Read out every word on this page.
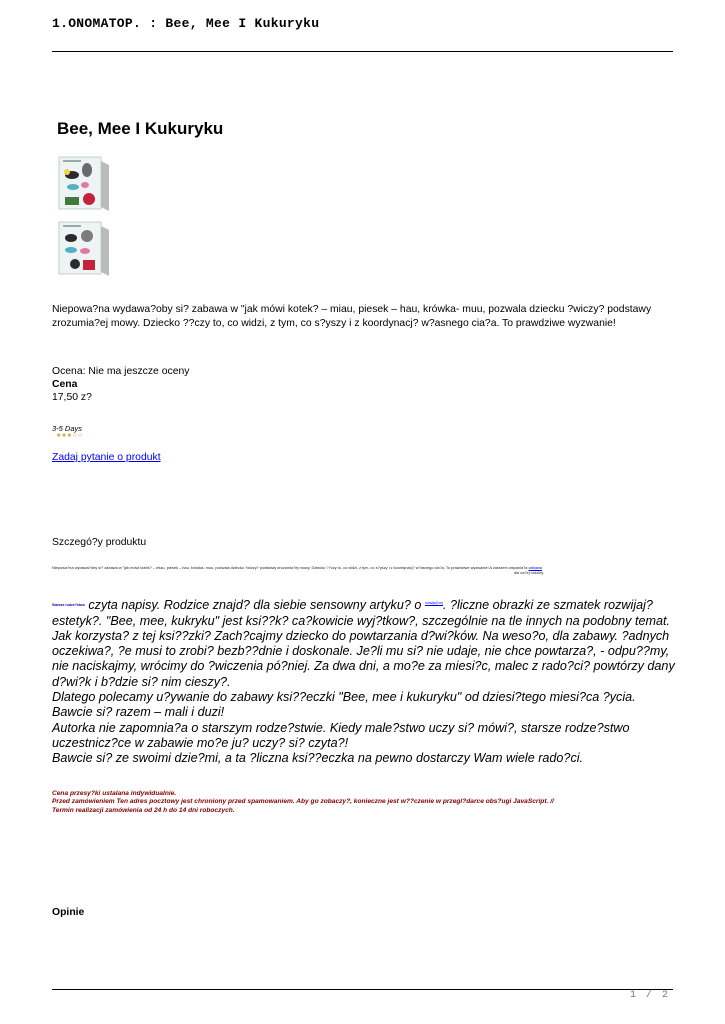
1.ONOMATOP. : Bee, Mee I Kukuryku
Bee, Mee I Kukuryku
Niepowa?na wydawa?oby si? zabawa w "jak mówi kotek? – miau, piesek – hau, krówka- muu, pozwala dziecku ?wiczy? podstawy zrozumia?ej mowy. Dziecko ??czy to, co widzi, z tym, co s?yszy i z koordynacj? w?asnego cia?a. To prawdziwe wyzwanie!
Ocena: Nie ma jeszcze oceny
Cena
17,50 z?
3-5 Days
★★★☆☆
Zadaj pytanie o produkt
Szczegó?y produktu
Niepowa?na wydawa?oby si? zabawa w "jak mówi kotek? – miau, piesek – hau, krówka- muu, pozwala dziecku ?wiczy? podstawy zrozumia?ej mowy. Dziecko ??czy to, co widzi, z tym, co s?yszy i z koordynacj? w?asnego cia?a. To prawdziwe wyzwanie! A zarazem wspania?a zabawa
dla ca?ej rodziny.

Starsze rodze?stwo czyta napisy. Rodzice znajd? dla siebie sensowny artyku? o $^{rozwijaj?cej}$. ?liczne obrazki ze szmatek rozwijaj? estetyk?. "Bee, mee, kukryku" jest ksi??k? ca?kowicie wyj?tkow?, szczególnie na tle innych na podobny temat.

Jak korzysta? z tej ksi??zki? Zach?cajmy dziecko do powtarzania d?wi?ków. Na weso?o, dla zabawy. ?adnych oczekiwa?, ?e musi to zrobi? bezb??dnie i doskonale. Je?li mu si? nie udaje, nie chce powtarza?, - odpu??my, nie naciskajmy, wrócimy do ?wiczenia pó?niej. Za dwa dni, a mo?e za miesi?c, malec z rado?ci? powtórzy dany d?wi?k i b?dzie si? nim cieszy?.

Dlatego polecamy u?ywanie do zabawy ksi??eczki "Bee, mee i kukuryku" od dziesi?tego miesi?ca ?ycia.

Bawcie si? razem – mali i duzi!

Autorka nie zapomnia?a o starszym rodze?stwie. Kiedy male?stwo uczy si? mówi?, starsze rodze?stwo uczestnicz?ce w zabawie mo?e ju? uczy? si? czyta?!

Bawcie si? ze swoimi dzie?mi, a ta ?liczna ksi??eczka na pewno dostarczy Wam wiele rado?ci.

Cena przesy?ki ustalana indywidualnie.

Przed zamówieniem Ten adres pocztowy jest chroniony przed spamowaniem. Aby go zobaczy?, konieczne jest w??czenie w przegl?darce obs?ugi JavaScript. //

Termin realizacji zamówienia od 24 h do 14 dni roboczych.

Opinie
1 / 2
